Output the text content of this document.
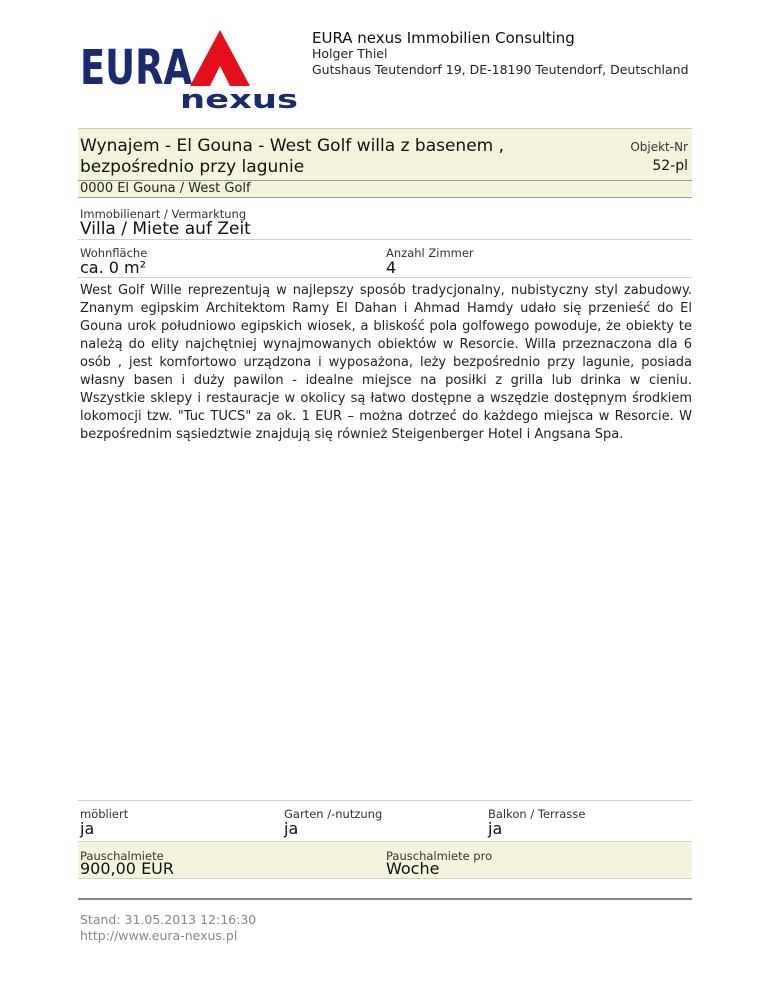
EURA
nexus
EURA nexus Immobilien Consulting
Holger Thiel
Gutshaus Teutendorf 19, DE-18190 Teutendorf, Deutschland
Wynajem - El Gouna - West Golf willa z basenem , bezpośrednio przy lagunie
Objekt-Nr
52-pl
0000 El Gouna / West Golf
Immobilienart / Vermarktung
Villa / Miete auf Zeit
Wohnfläche
ca. 0 m²
Anzahl Zimmer
4
West Golf Wille reprezentują w najlepszy sposób tradycjonalny, nubistyczny styl zabudowy. Znanym egipskim Architektom Ramy El Dahan i Ahmad Hamdy udało się przenieść do El Gouna urok południowo egipskich wiosek, a bliskość pola golfowego powoduje, że obiekty te należą do elity najchętniej wynajmowanych obiektów w Resorcie. Willa przeznaczona dla 6 osób , jest komfortowo urządzona i wyposażona, leży bezpośrednio przy lagunie, posiada własny basen i duży pawilon - idealne miejsce na posiłki z grilla lub drinka w cieniu. Wszystkie sklepy i restauracje w okolicy są łatwo dostępne a wszędzie dostępnym środkiem lokomocji tzw. "Tuc TUCS" za ok. 1 EUR – można dotrzeć do każdego miejsca w Resorcie. W bezpośrednim sąsiedztwie znajdują się również Steigenberger Hotel i Angsana Spa.
möbliert
ja
Garten /-nutzung
ja
Balkon / Terrasse
ja
Pauschalmiete
900,00 EUR
Pauschalmiete pro
Woche
Stand: 31.05.2013 12:16:30
http://www.eura-nexus.pl
